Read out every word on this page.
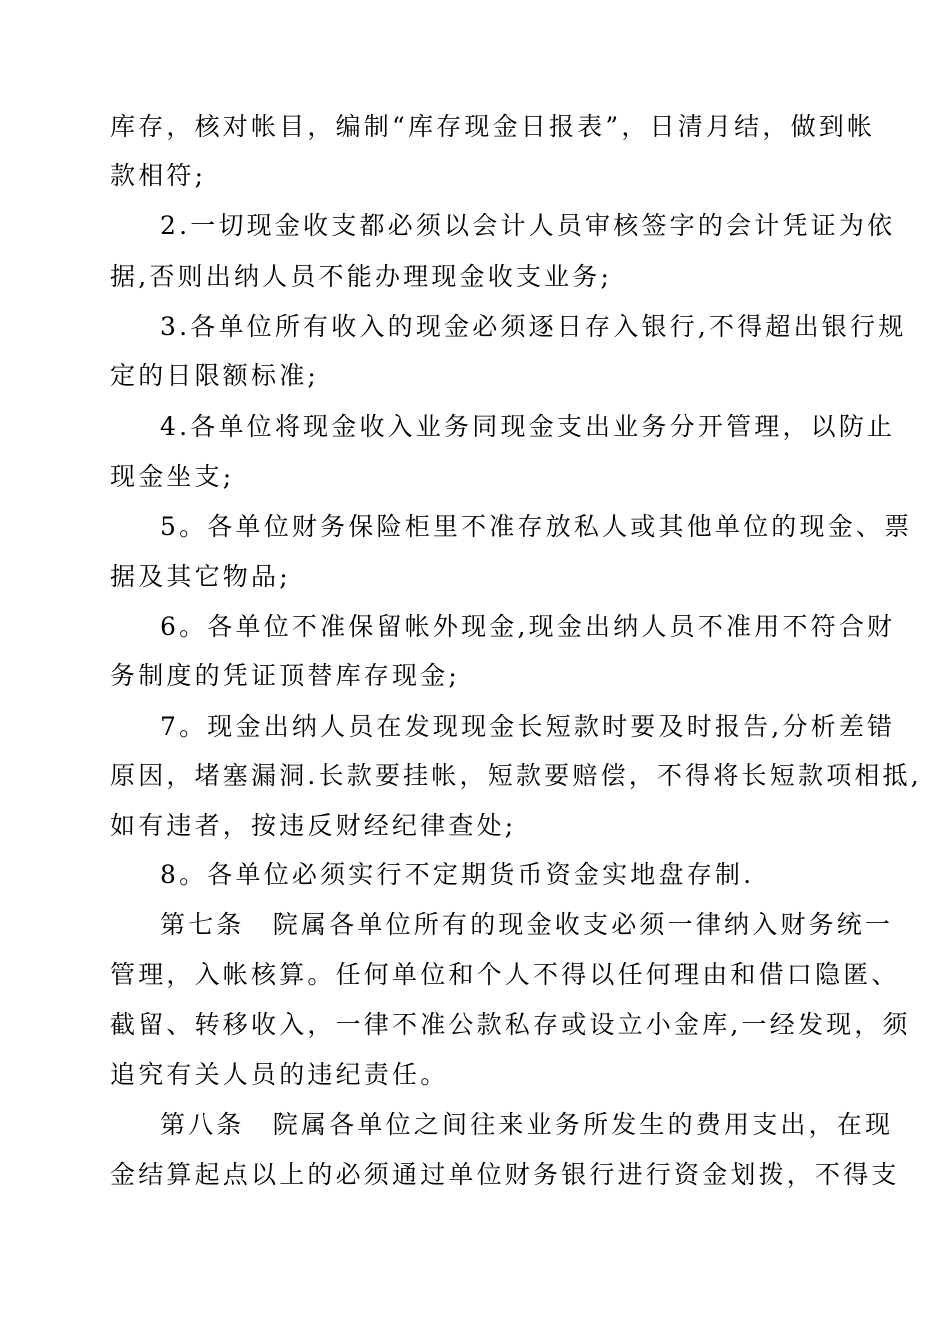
库存，核对帐目，编制“库存现金日报表”，日清月结，做到帐
款相符;
2.一切现金收支都必须以会计人员审核签字的会计凭证为依
据,否则出纳人员不能办理现金收支业务;
3.各单位所有收入的现金必须逐日存入银行,不得超出银行规
定的日限额标准;
4.各单位将现金收入业务同现金支出业务分开管理，以防止
现金坐支;
5。各单位财务保险柜里不准存放私人或其他单位的现金、票
据及其它物品;
6。各单位不准保留帐外现金,现金出纳人员不准用不符合财
务制度的凭证顶替库存现金;
7。现金出纳人员在发现现金长短款时要及时报告,分析差错
原因，堵塞漏洞.长款要挂帐，短款要赔偿，不得将长短款项相抵,
如有违者，按违反财经纪律查处;
8。各单位必须实行不定期货币资金实地盘存制.
第七条　院属各单位所有的现金收支必须一律纳入财务统一
管理，入帐核算。任何单位和个人不得以任何理由和借口隐匿、
截留、转移收入，一律不准公款私存或设立小金库,一经发现，须
追究有关人员的违纪责任。
第八条　院属各单位之间往来业务所发生的费用支出，在现
金结算起点以上的必须通过单位财务银行进行资金划拨，不得支
